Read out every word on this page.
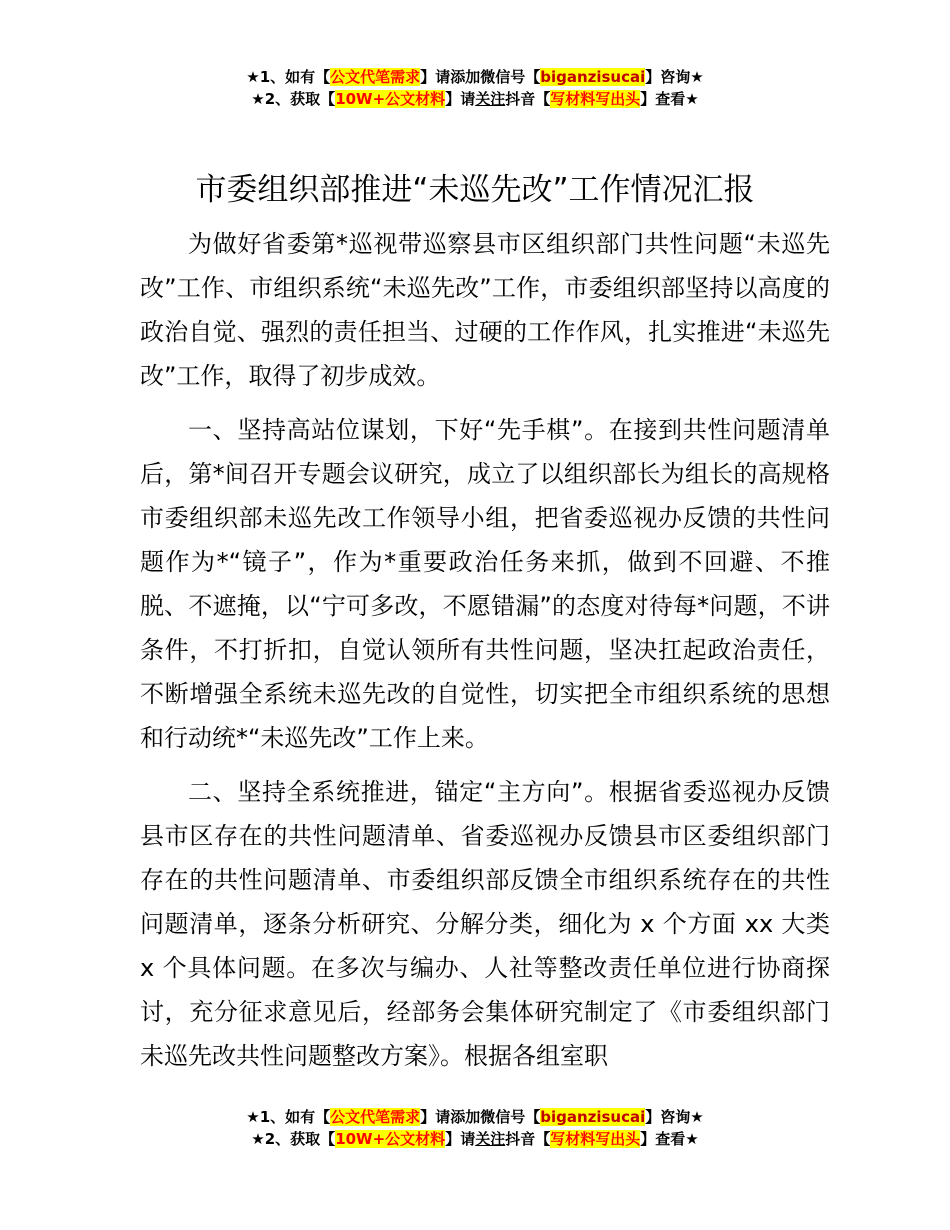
★1、如有【公文代笔需求】请添加微信号【biganzisucai】咨询★
★2、获取【10W+公文材料】请关注抖音【写材料写出头】查看★
市委组织部推进“未巡先改”工作情况汇报

为做好省委第*巡视带巡察县市区组织部门共性问题“未巡先改”工作、市组织系统“未巡先改”工作，市委组织部坚持以高度的政治自觉、强烈的责任担当、过硬的工作作风，扎实推进“未巡先改”工作，取得了初步成效。

一、坚持高站位谋划，下好“先手棋”。在接到共性问题清单后，第*间召开专题会议研究，成立了以组织部长为组长的高规格市委组织部未巡先改工作领导小组，把省委巡视办反馈的共性问题作为*“镜子”，作为*重要政治任务来抓，做到不回避、不推脱、不遮掩，以“宁可多改，不愿错漏”的态度对待每*问题，不讲条件，不打折扣，自觉认领所有共性问题，坚决扛起政治责任，不断增强全系统未巡先改的自觉性，切实把全市组织系统的思想和行动统*“未巡先改”工作上来。

二、坚持全系统推进，锚定“主方向”。根据省委巡视办反馈县市区存在的共性问题清单、省委巡视办反馈县市区委组织部门存在的共性问题清单、市委组织部反馈全市组织系统存在的共性问题清单，逐条分析研究、分解分类，细化为 x 个方面 xx 大类 x 个具体问题。在多次与编办、人社等整改责任单位进行协商探讨，充分征求意见后，经部务会集体研究制定了《市委组织部门未巡先改共性问题整改方案》。根据各组室职

★1、如有【公文代笔需求】请添加微信号【biganzisucai】咨询★
★2、获取【10W+公文材料】请关注抖音【写材料写出头】查看★
